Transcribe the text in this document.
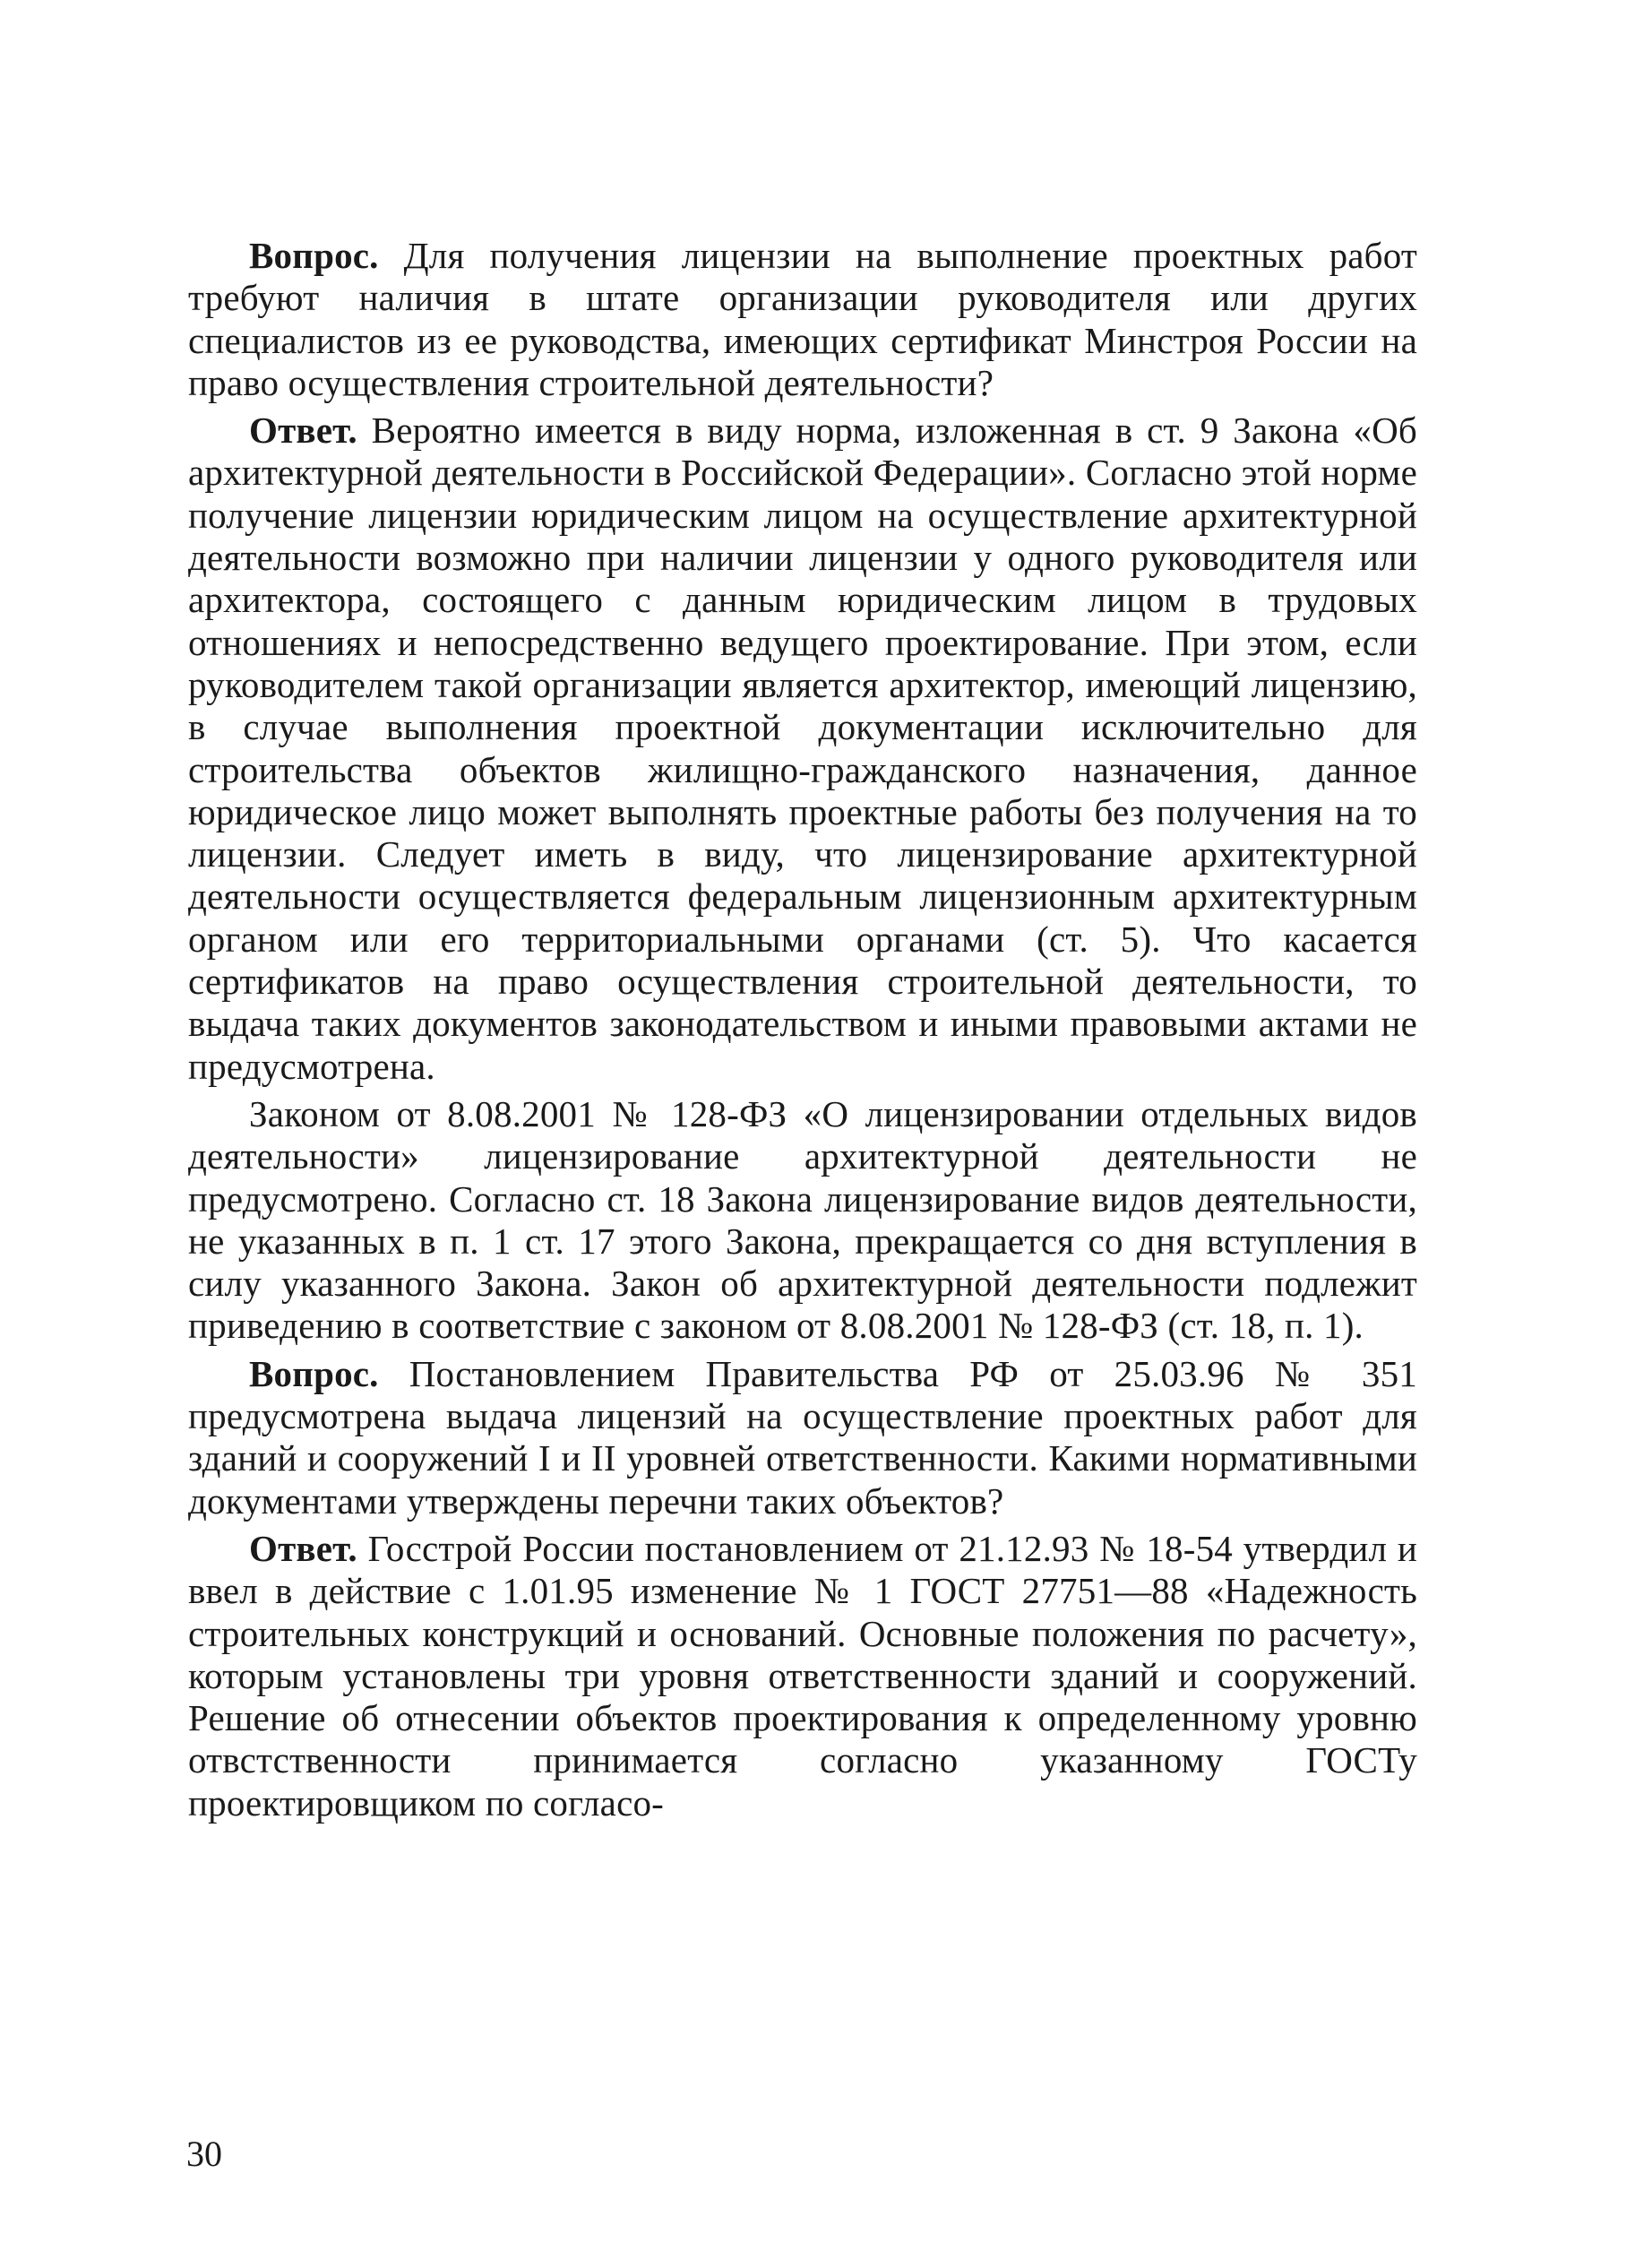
Вопрос. Для получения лицензии на выполнение проектных работ требуют наличия в штате организации руководителя или других специалистов из ее руководства, имеющих сертификат Минстроя России на право осуществления строительной деятельности?

Ответ. Вероятно имеется в виду норма, изложенная в ст. 9 Закона «Об архитектурной деятельности в Российской Федерации». Согласно этой норме получение лицензии юридическим лицом на осуществление архитектурной деятельности возможно при наличии лицензии у одного руководителя или архитектора, состоящего с данным юридическим лицом в трудовых отношениях и непосредственно ведущего проектирование. При этом, если руководителем такой организации является архитектор, имеющий лицензию, в случае выполнения проектной документации исключительно для строительства объектов жилищно-гражданского назначения, данное юридическое лицо может выполнять проектные работы без получения на то лицензии. Следует иметь в виду, что лицензирование архитектурной деятельности осуществляется федеральным лицензионным архитектурным органом или его территориальными органами (ст. 5). Что касается сертификатов на право осуществления строительной деятельности, то выдача таких документов законодательством и иными правовыми актами не предусмотрена.

Законом от 8.08.2001 № 128-ФЗ «О лицензировании отдельных видов деятельности» лицензирование архитектурной деятельности не предусмотрено. Согласно ст. 18 Закона лицензирование видов деятельности, не указанных в п. 1 ст. 17 этого Закона, прекращается со дня вступления в силу указанного Закона. Закон об архитектурной деятельности подлежит приведению в соответствие с законом от 8.08.2001 № 128-ФЗ (ст. 18, п. 1).

Вопрос. Постановлением Правительства РФ от 25.03.96 № 351 предусмотрена выдача лицензий на осуществление проектных работ для зданий и сооружений I и II уровней ответственности. Какими нормативными документами утверждены перечни таких объектов?

Ответ. Госстрой России постановлением от 21.12.93 № 18-54 утвердил и ввел в действие с 1.01.95 изменение № 1 ГОСТ 27751—88 «Надежность строительных конструкций и оснований. Основные положения по расчету», которым установлены три уровня ответственности зданий и сооружений. Решение об отнесении объектов проектирования к определенному уровню отвстственности принимается согласно указанному ГОСТу проектировщиком по согласо-

30
